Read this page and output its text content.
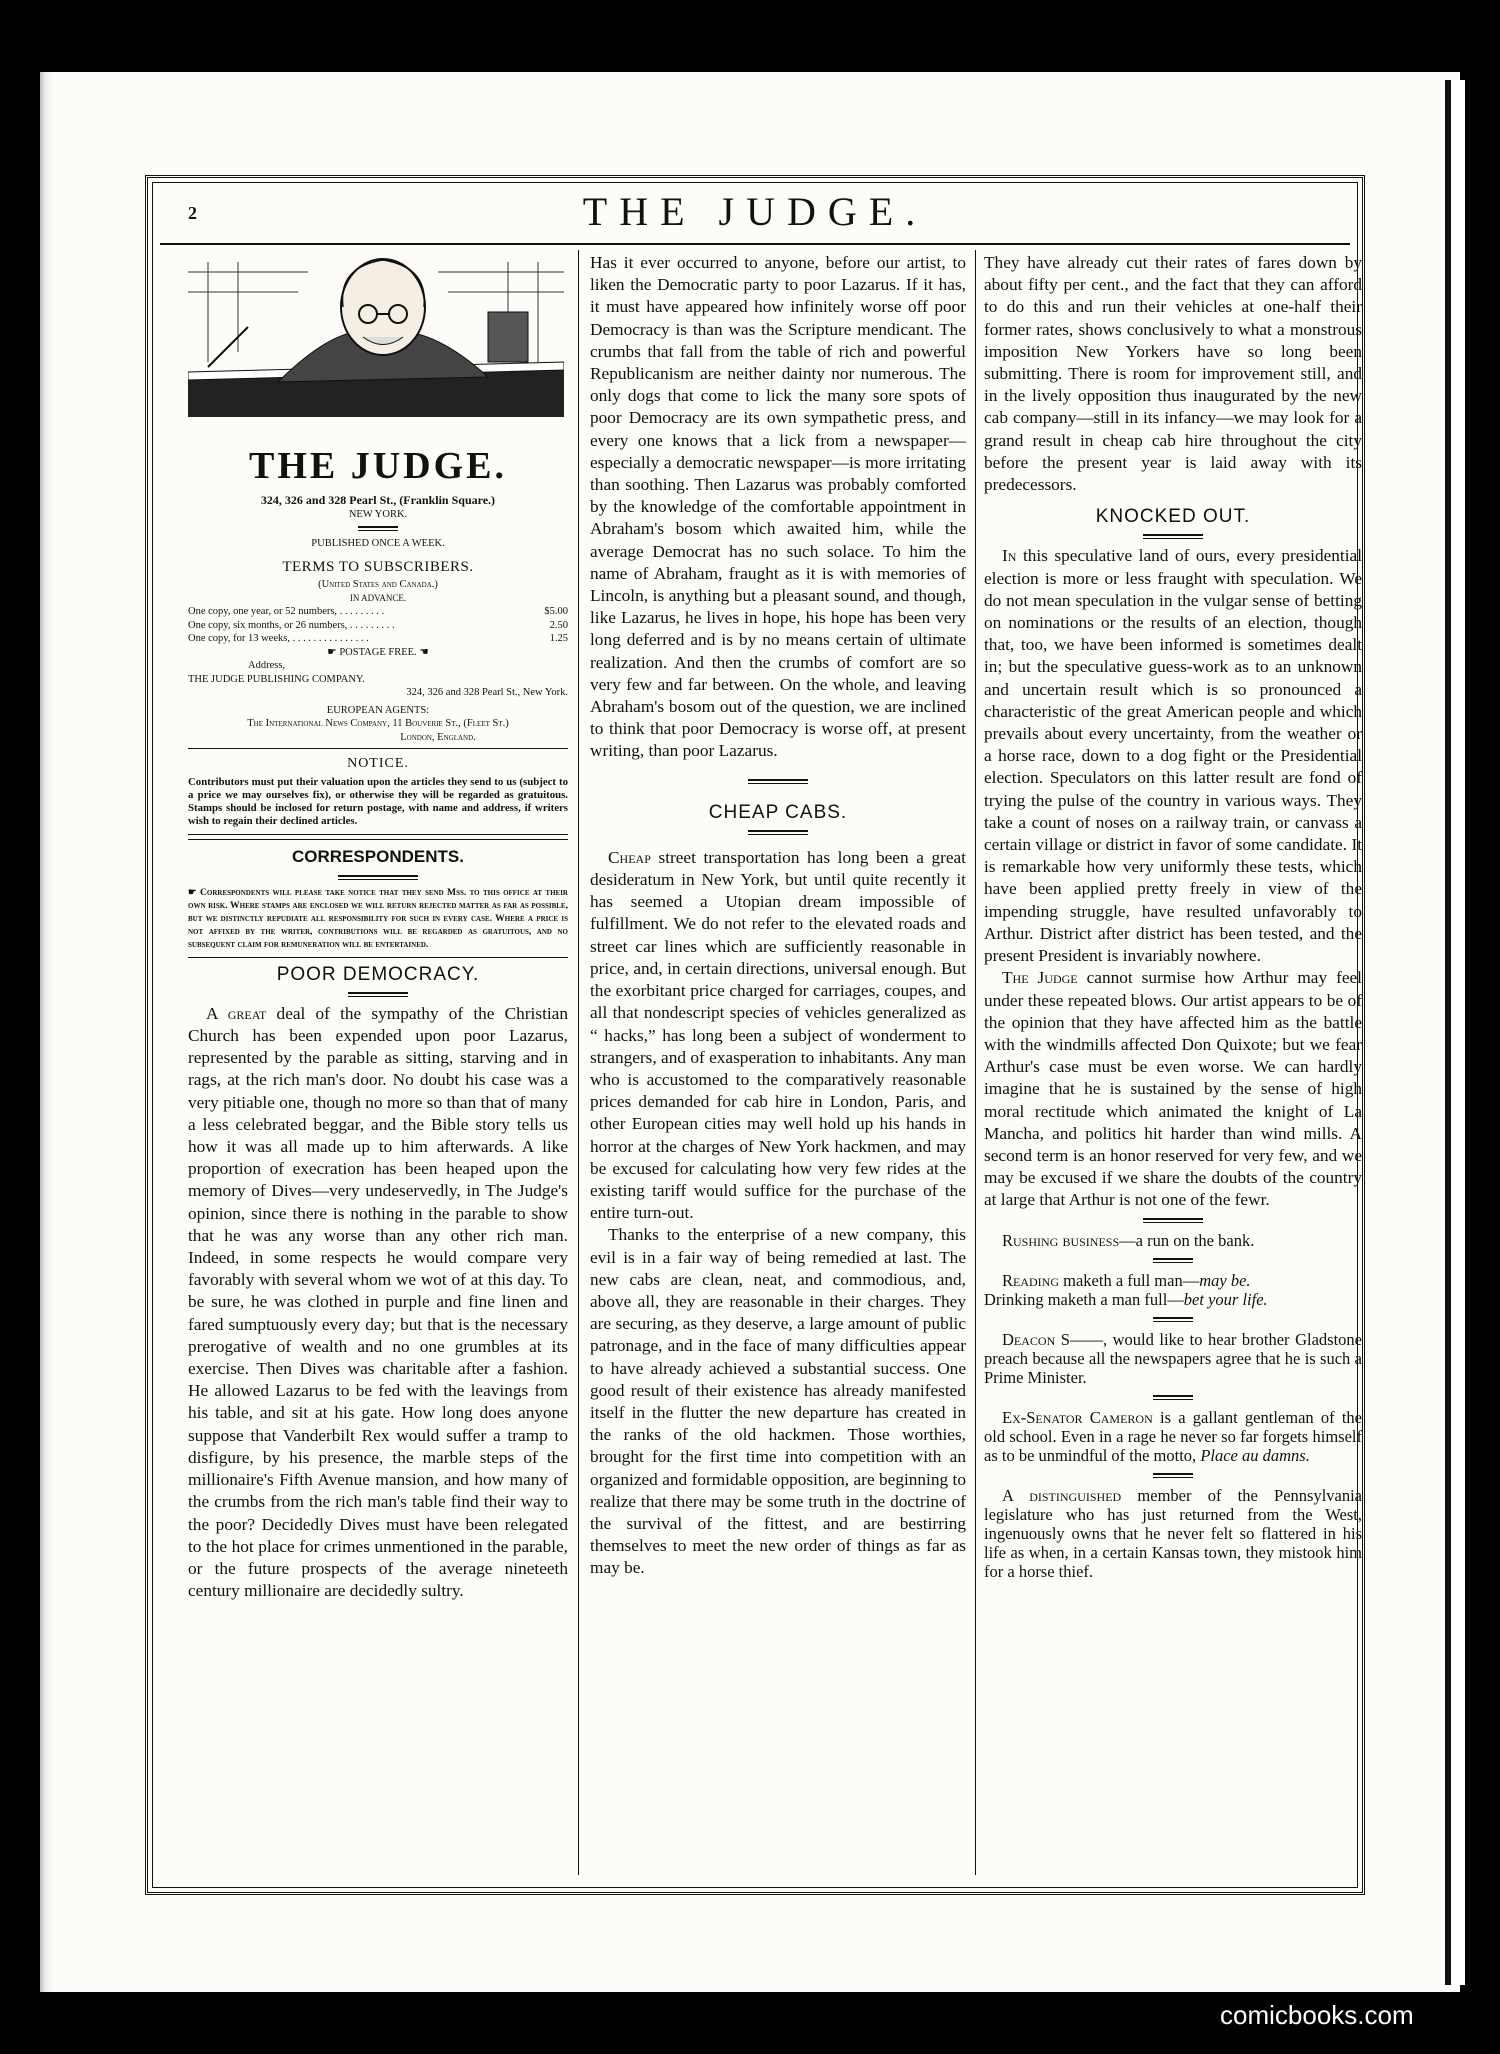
2	THE JUDGE.
THE JUDGE.
324, 326 and 328 Pearl St., (Franklin Square.)
NEW YORK.
PUBLISHED ONCE A WEEK.
TERMS TO SUBSCRIBERS.
(United States and Canada.)
IN ADVANCE.
One copy, one year, or 52 numbers, . . . . . . . . .	$5.00
One copy, six months, or 26 numbers, . . . . . . . . .	2.50
One copy, for 13 weeks, . . . . . . . . . . . . . . .	1.25
☛ POSTAGE FREE. ☚
Address,
THE JUDGE PUBLISHING COMPANY.
324, 326 and 328 Pearl St., New York.
EUROPEAN AGENTS:
The International News Company, 11 Bouverie St., (Fleet St.)
London, England.
NOTICE.
Contributors must put their valuation upon the articles they send to us (subject to a price we may ourselves fix), or otherwise they will be regarded as gratuitous. Stamps should be inclosed for return postage, with name and address, if writers wish to regain their declined articles.
CORRESPONDENTS.
☛ Correspondents will please take notice that they send Mss. to this office at their own risk. Where stamps are enclosed we will return rejected matter as far as possible, but we distinctly repudiate all responsibility for such in every case. Where a price is not affixed by the writer, contributions will be regarded as gratuitous, and no subsequent claim for remuneration will be entertained.
POOR DEMOCRACY.

A great deal of the sympathy of the Christian Church has been expended upon poor Lazarus, represented by the parable as sitting, starving and in rags, at the rich man's door. No doubt his case was a very pitiable one, though no more so than that of many a less celebrated beggar, and the Bible story tells us how it was all made up to him afterwards. A like proportion of execration has been heaped upon the memory of Dives—very undeservedly, in The Judge's opinion, since there is nothing in the parable to show that he was any worse than any other rich man. Indeed, in some respects he would compare very favorably with several whom we wot of at this day. To be sure, he was clothed in purple and fine linen and fared sumptuously every day; but that is the necessary prerogative of wealth and no one grumbles at its exercise. Then Dives was charitable after a fashion. He allowed Lazarus to be fed with the leavings from his table, and sit at his gate. How long does anyone suppose that Vanderbilt Rex would suffer a tramp to disfigure, by his presence, the marble steps of the millionaire's Fifth Avenue mansion, and how many of the crumbs from the rich man's table find their way to the poor? Decidedly Dives must have been relegated to the hot place for crimes unmentioned in the parable, or the future prospects of the average nineteeth century millionaire are decidedly sultry.

Has it ever occurred to anyone, before our artist, to liken the Democratic party to poor Lazarus. If it has, it must have appeared how infinitely worse off poor Democracy is than was the Scripture mendicant. The crumbs that fall from the table of rich and powerful Republicanism are neither dainty nor numerous. The only dogs that come to lick the many sore spots of poor Democracy are its own sympathetic press, and every one knows that a lick from a newspaper—especially a democratic newspaper—is more irritating than soothing. Then Lazarus was probably comforted by the knowledge of the comfortable appointment in Abraham's bosom which awaited him, while the average Democrat has no such solace. To him the name of Abraham, fraught as it is with memories of Lincoln, is anything but a pleasant sound, and though, like Lazarus, he lives in hope, his hope has been very long deferred and is by no means certain of ultimate realization. And then the crumbs of comfort are so very few and far between. On the whole, and leaving Abraham's bosom out of the question, we are inclined to think that poor Democracy is worse off, at present writing, than poor Lazarus.

CHEAP CABS.

Cheap street transportation has long been a great desideratum in New York, but until quite recently it has seemed a Utopian dream impossible of fulfillment. We do not refer to the elevated roads and street car lines which are sufficiently reasonable in price, and, in certain directions, universal enough. But the exorbitant price charged for carriages, coupes, and all that nondescript species of vehicles generalized as “ hacks,” has long been a subject of wonderment to strangers, and of exasperation to inhabitants. Any man who is accustomed to the comparatively reasonable prices demanded for cab hire in London, Paris, and other European cities may well hold up his hands in horror at the charges of New York hackmen, and may be excused for calculating how very few rides at the existing tariff would suffice for the purchase of the entire turn-out.

Thanks to the enterprise of a new company, this evil is in a fair way of being remedied at last. The new cabs are clean, neat, and commodious, and, above all, they are reasonable in their charges. They are securing, as they deserve, a large amount of public patronage, and in the face of many difficulties appear to have already achieved a substantial success. One good result of their existence has already manifested itself in the flutter the new departure has created in the ranks of the old hackmen. Those worthies, brought for the first time into competition with an organized and formidable opposition, are beginning to realize that there may be some truth in the doctrine of the survival of the fittest, and are bestirring themselves to meet the new order of things as far as may be.

They have already cut their rates of fares down by about fifty per cent., and the fact that they can afford to do this and run their vehicles at one-half their former rates, shows conclusively to what a monstrous imposition New Yorkers have so long been submitting. There is room for improvement still, and in the lively opposition thus inaugurated by the new cab company—still in its infancy—we may look for a grand result in cheap cab hire throughout the city before the present year is laid away with its predecessors.

KNOCKED OUT.

In this speculative land of ours, every presidential election is more or less fraught with speculation. We do not mean speculation in the vulgar sense of betting on nominations or the results of an election, though that, too, we have been informed is sometimes dealt in; but the speculative guess-work as to an unknown and uncertain result which is so pronounced a characteristic of the great American people and which prevails about every uncertainty, from the weather or a horse race, down to a dog fight or the Presidential election. Speculators on this latter result are fond of trying the pulse of the country in various ways. They take a count of noses on a railway train, or canvass a certain village or district in favor of some candidate. It is remarkable how very uniformly these tests, which have been applied pretty freely in view of the impending struggle, have resulted unfavorably to Arthur. District after district has been tested, and the present President is invariably nowhere.

The Judge cannot surmise how Arthur may feel under these repeated blows. Our artist appears to be of the opinion that they have affected him as the battle with the windmills affected Don Quixote; but we fear Arthur's case must be even worse. We can hardly imagine that he is sustained by the sense of high moral rectitude which animated the knight of La Mancha, and politics hit harder than wind mills. A second term is an honor reserved for very few, and we may be excused if we share the doubts of the country at large that Arthur is not one of the fewr.

Rushing business—a run on the bank.

Reading maketh a full man—may be.
Drinking maketh a man full—bet your life.

Deacon S——, would like to hear brother Gladstone preach because all the newspapers agree that he is such a Prime Minister.

Ex-Senator Cameron is a gallant gentleman of the old school. Even in a rage he never so far forgets himself as to be unmindful of the motto, Place au damns.

A distinguished member of the Pennsylvania legislature who has just returned from the West, ingenuously owns that he never felt so flattered in his life as when, in a certain Kansas town, they mistook him for a horse thief.

comicbooks.com
